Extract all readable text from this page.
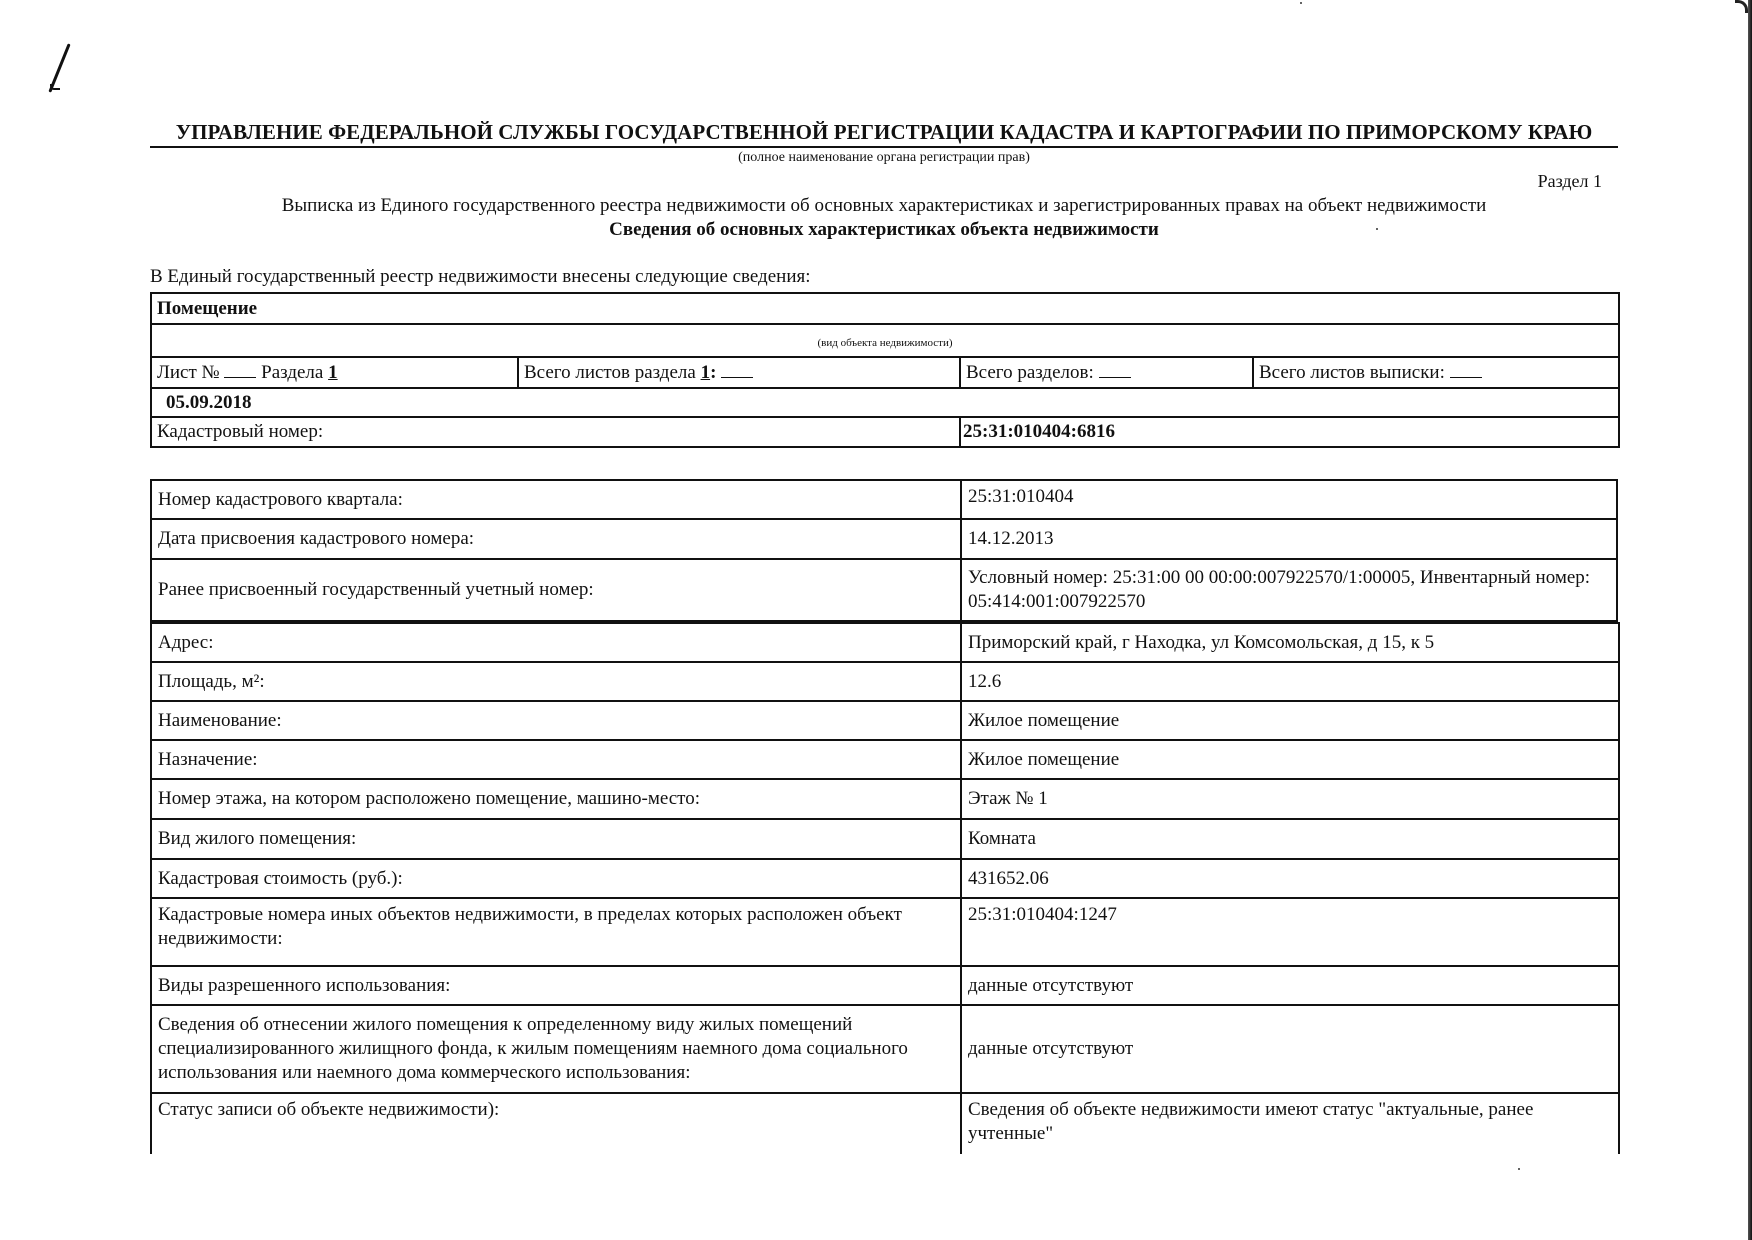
УПРАВЛЕНИЕ ФЕДЕРАЛЬНОЙ СЛУЖБЫ ГОСУДАРСТВЕННОЙ РЕГИСТРАЦИИ КАДАСТРА И КАРТОГРАФИИ ПО ПРИМОРСКОМУ КРАЮ
(полное наименование органа регистрации прав)
Раздел 1
Выписка из Единого государственного реестра недвижимости об основных характеристиках и зарегистрированных правах на объект недвижимости
Сведения об основных характеристиках объекта недвижимости
В Единый государственный реестр недвижимости внесены следующие сведения:
Помещение			
(вид объекта недвижимости)			
Лист № Раздела 1	Всего листов раздела 1:	Всего разделов:	Всего листов выписки:
05.09.2018			
Кадастровый номер:		25:31:010404:6816	
Номер кадастрового квартала:	25:31:010404
Дата присвоения кадастрового номера:	14.12.2013
Ранее присвоенный государственный учетный номер:	Условный номер: 25:31:00 00 00:00:007922570/1:00005, Инвентарный номер: 05:414:001:007922570
Адрес:	Приморский край, г Находка, ул Комсомольская, д 15, к 5
Площадь, м²:	12.6
Наименование:	Жилое помещение
Назначение:	Жилое помещение
Номер этажа, на котором расположено помещение, машино-место:	Этаж № 1
Вид жилого помещения:	Комната
Кадастровая стоимость (руб.):	431652.06
Кадастровые номера иных объектов недвижимости, в пределах которых расположен объект недвижимости:	25:31:010404:1247
Виды разрешенного использования:	данные отсутствуют
Сведения об отнесении жилого помещения к определенному виду жилых помещений специализированного жилищного фонда, к жилым помещениям наемного дома социального использования или наемного дома коммерческого использования:	данные отсутствуют
Статус записи об объекте недвижимости):	Сведения об объекте недвижимости имеют статус "актуальные, ранее учтенные"
